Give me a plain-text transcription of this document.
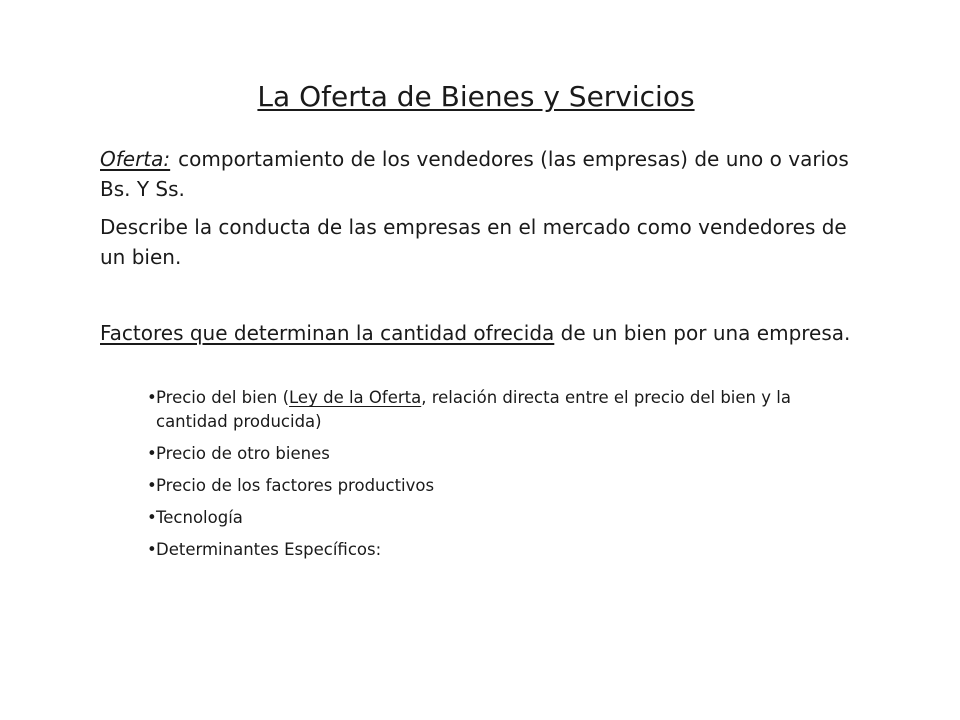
La Oferta de Bienes y Servicios
Oferta: comportamiento de los vendedores (las empresas) de uno o varios Bs. Y Ss.
Describe la conducta de las empresas en el mercado como vendedores de un bien.
Factores que determinan la cantidad ofrecida de un bien por una empresa.
• Precio del bien (Ley de la Oferta, relación directa entre el precio del bien y la cantidad producida)
• Precio de otro bienes
• Precio de los factores productivos
• Tecnología
• Determinantes Específicos:
